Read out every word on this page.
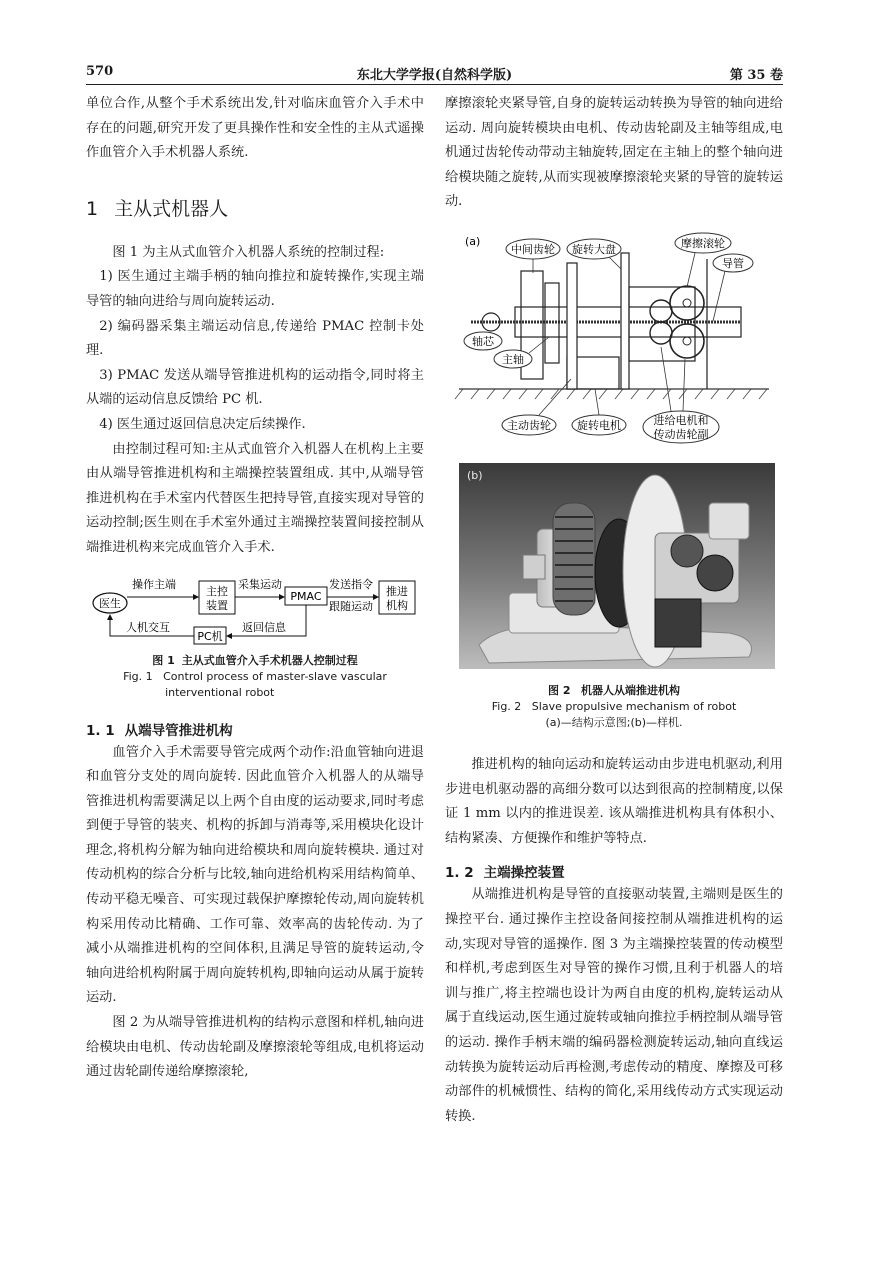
570	东北大学学报(自然科学版)	第 35 卷

单位合作,从整个手术系统出发,针对临床血管介入手术中存在的问题,研究开发了更具操作性和安全性的主从式遥操作血管介入手术机器人系统.

1 主从式机器人

图 1 为主从式血管介入机器人系统的控制过程:

1) 医生通过主端手柄的轴向推拉和旋转操作,实现主端导管的轴向进给与周向旋转运动.

2) 编码器采集主端运动信息,传递给 PMAC 控制卡处理.

3) PMAC 发送从端导管推进机构的运动指令,同时将主从端的运动信息反馈给 PC 机.

4) 医生通过返回信息决定后续操作.

由控制过程可知:主从式血管介入机器人在机构上主要由从端导管推进机构和主端操控装置组成. 其中,从端导管推进机构在手术室内代替医生把持导管,直接实现对导管的运动控制;医生则在手术室外通过主端操控装置间接控制从端推进机构来完成血管介入手术.

医生
操作主端
主控
装置
采集运动
PMAC
发送指令
跟随运动
推进
机构
返回信息
PC机
人机交互
图 1 主从式血管介入手术机器人控制过程
Fig. 1 Control process of master-slave vascular
interventional robot
1. 1 从端导管推进机构

血管介入手术需要导管完成两个动作:沿血管轴向进退和血管分支处的周向旋转. 因此血管介入机器人的从端导管推进机构需要满足以上两个自由度的运动要求,同时考虑到便于导管的装夹、机构的拆卸与消毒等,采用模块化设计理念,将机构分解为轴向进给模块和周向旋转模块. 通过对传动机构的综合分析与比较,轴向进给机构采用结构简单、传动平稳无噪音、可实现过载保护摩擦轮传动,周向旋转机构采用传动比精确、工作可靠、效率高的齿轮传动. 为了减小从端推进机构的空间体积,且满足导管的旋转运动,令轴向进给机构附属于周向旋转机构,即轴向运动从属于旋转运动.

图 2 为从端导管推进机构的结构示意图和样机,轴向进给模块由电机、传动齿轮副及摩擦滚轮等组成,电机将运动通过齿轮副传递给摩擦滚轮,

摩擦滚轮夹紧导管,自身的旋转运动转换为导管的轴向进给运动. 周向旋转模块由电机、传动齿轮副及主轴等组成,电机通过齿轮传动带动主轴旋转,固定在主轴上的整个轴向进给模块随之旋转,从而实现被摩擦滚轮夹紧的导管的旋转运动.

(a)
中间齿轮 旋转大盘	摩擦滚轮
导管
轴芯
主轴
主动齿轮 旋转电机	进给电机和
传动齿轮副
(b)
图 2 机器人从端推进机构
Fig. 2 Slave propulsive mechanism of robot
(a)—结构示意图;(b)—样机.

推进机构的轴向运动和旋转运动由步进电机驱动,利用步进电机驱动器的高细分数可以达到很高的控制精度,以保证 1 mm 以内的推进误差. 该从端推进机构具有体积小、结构紧凑、方便操作和维护等特点.

1. 2 主端操控装置

从端推进机构是导管的直接驱动装置,主端则是医生的操控平台. 通过操作主控设备间接控制从端推进机构的运动,实现对导管的遥操作. 图 3 为主端操控装置的传动模型和样机,考虑到医生对导管的操作习惯,且利于机器人的培训与推广,将主控端也设计为两自由度的机构,旋转运动从属于直线运动,医生通过旋转或轴向推拉手柄控制从端导管的运动. 操作手柄末端的编码器检测旋转运动,轴向直线运动转换为旋转运动后再检测,考虑传动的精度、摩擦及可移动部件的机械惯性、结构的简化,采用线传动方式实现运动转换.
